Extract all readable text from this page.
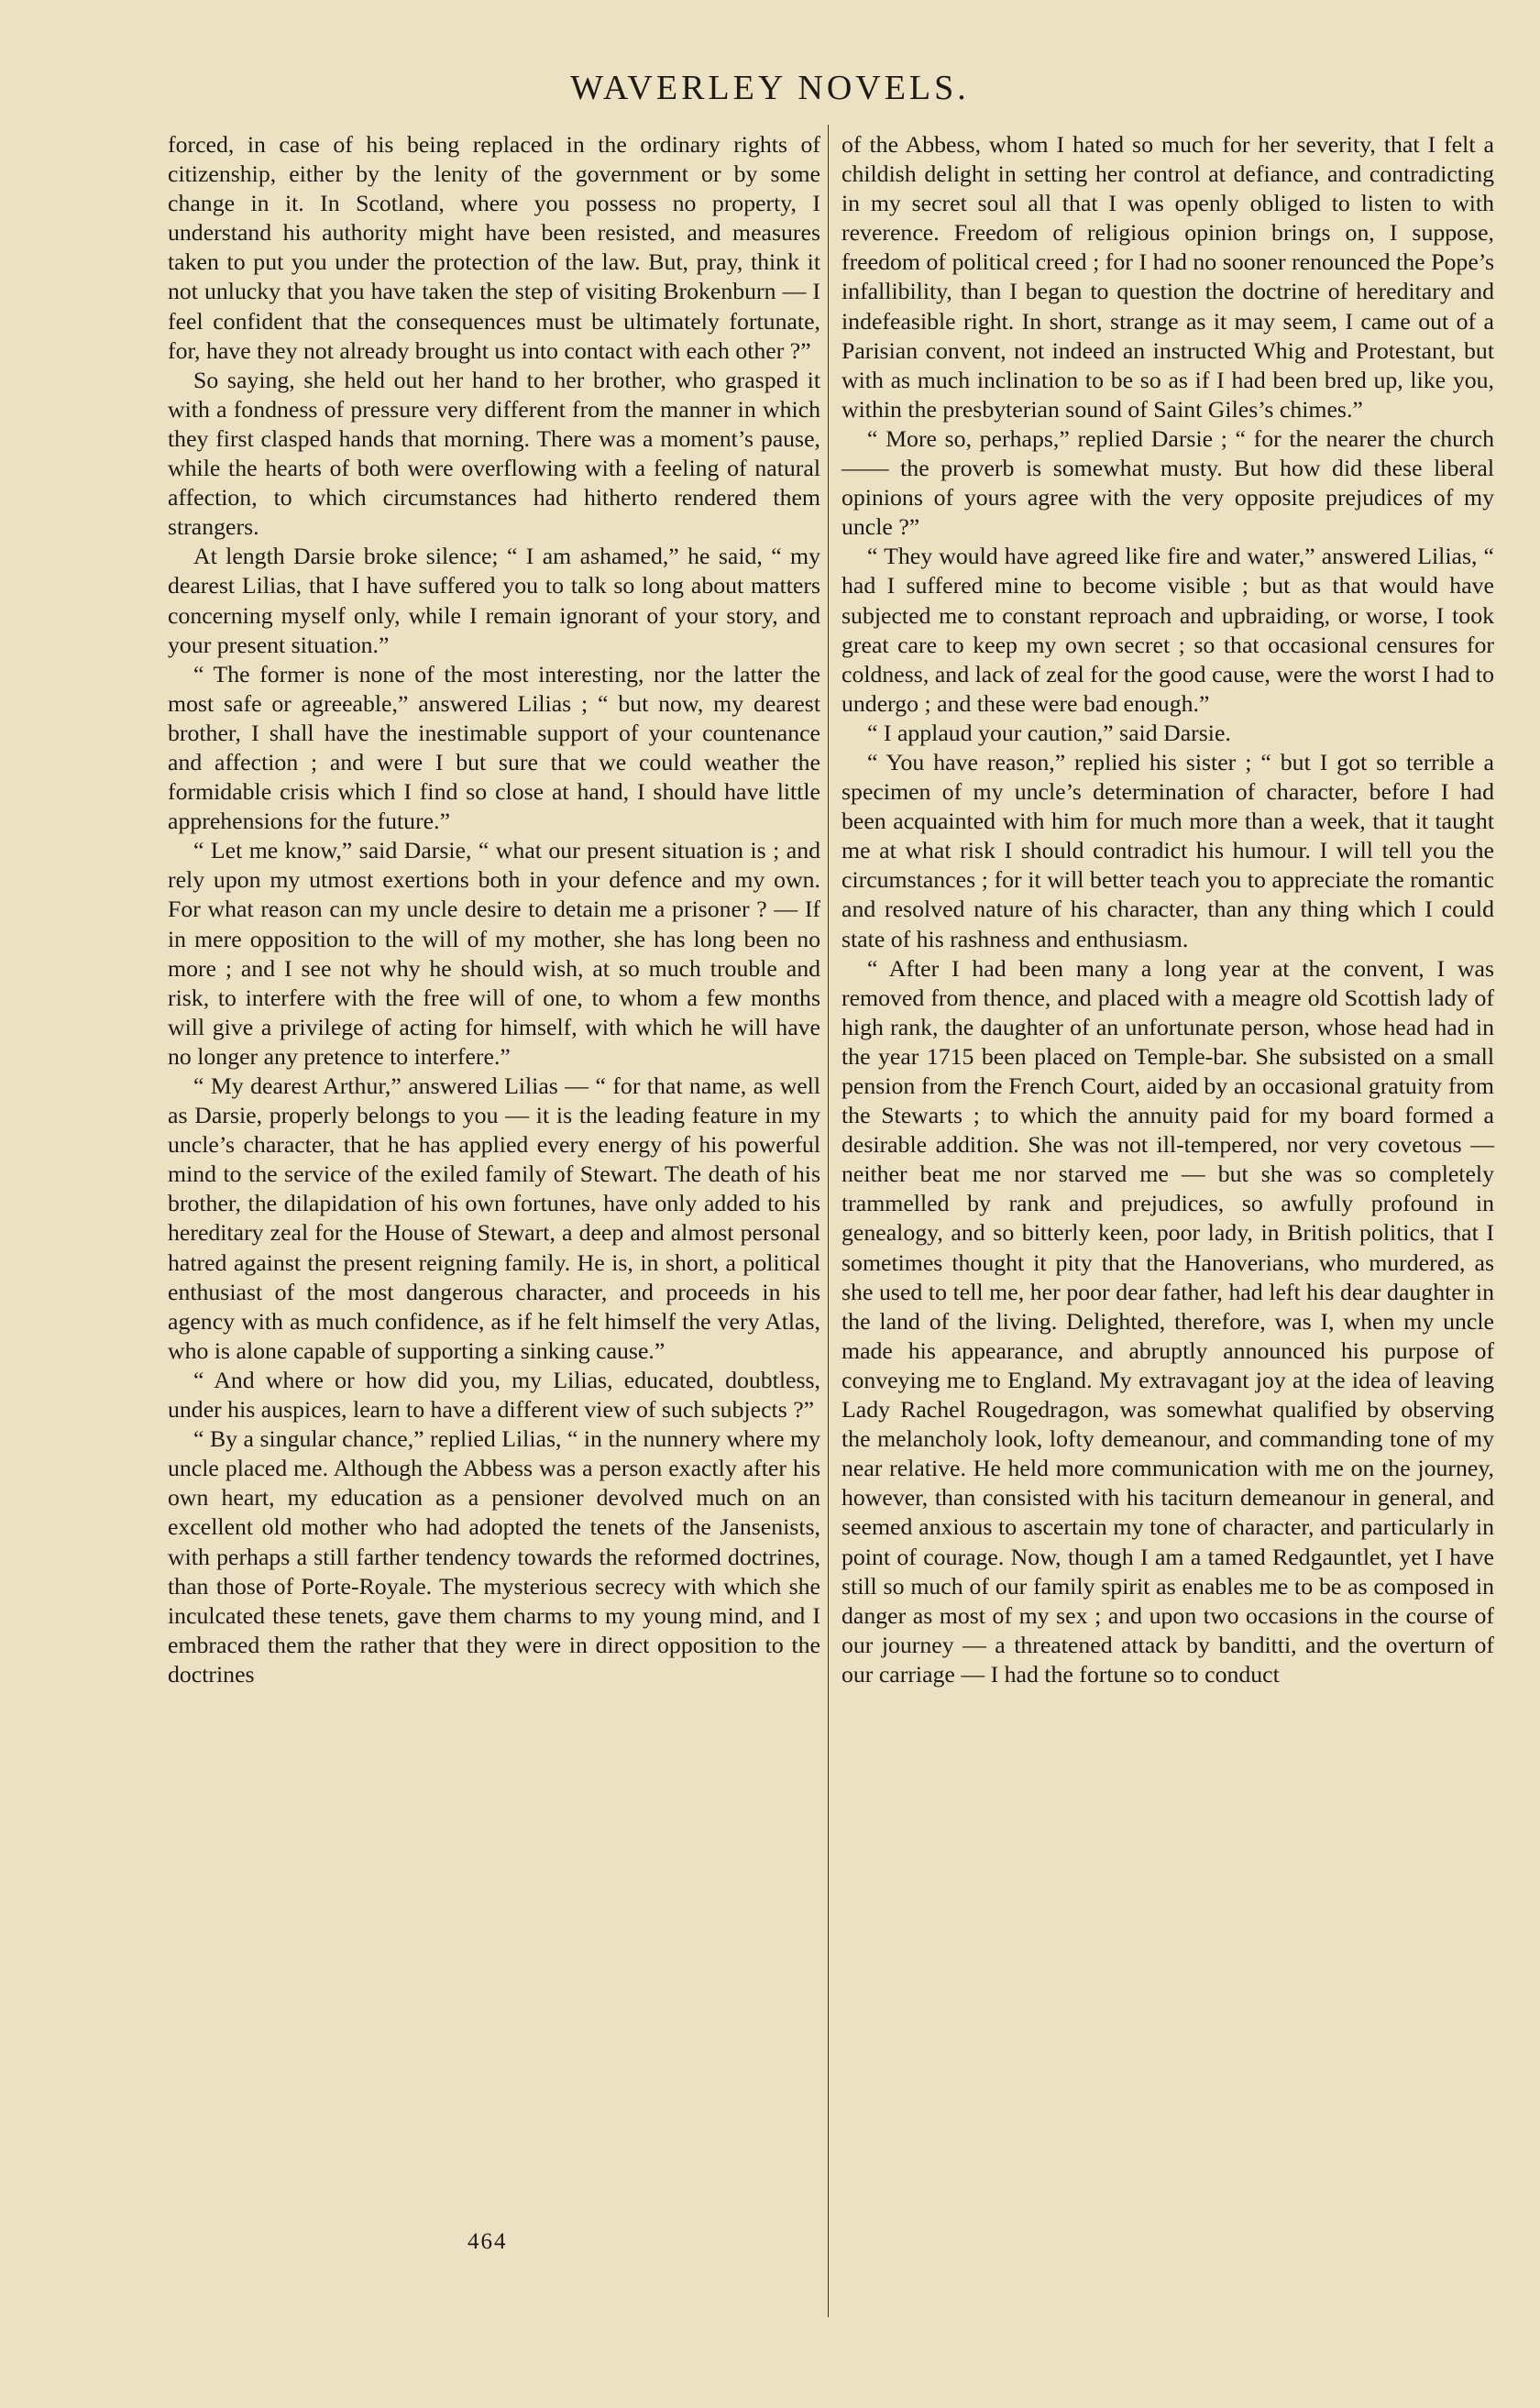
WAVERLEY NOVELS.

forced, in case of his being replaced in the ordinary rights of citizenship, either by the lenity of the government or by some change in it. In Scotland, where you possess no property, I understand his authority might have been resisted, and measures taken to put you under the protection of the law. But, pray, think it not unlucky that you have taken the step of visiting Brokenburn — I feel confident that the consequences must be ultimately fortunate, for, have they not already brought us into contact with each other ?”

So saying, she held out her hand to her brother, who grasped it with a fondness of pressure very different from the manner in which they first clasped hands that morning. There was a moment’s pause, while the hearts of both were overflowing with a feeling of natural affection, to which circumstances had hitherto rendered them strangers.

At length Darsie broke silence; “ I am ashamed,” he said, “ my dearest Lilias, that I have suffered you to talk so long about matters concerning myself only, while I remain ignorant of your story, and your present situation.”

“ The former is none of the most interesting, nor the latter the most safe or agreeable,” answered Lilias ; “ but now, my dearest brother, I shall have the inestimable support of your countenance and affection ; and were I but sure that we could weather the formidable crisis which I find so close at hand, I should have little apprehensions for the future.”

“ Let me know,” said Darsie, “ what our present situation is ; and rely upon my utmost exertions both in your defence and my own. For what reason can my uncle desire to detain me a prisoner ? — If in mere opposition to the will of my mother, she has long been no more ; and I see not why he should wish, at so much trouble and risk, to interfere with the free will of one, to whom a few months will give a privilege of acting for himself, with which he will have no longer any pretence to interfere.”

“ My dearest Arthur,” answered Lilias — “ for that name, as well as Darsie, properly belongs to you — it is the leading feature in my uncle’s character, that he has applied every energy of his powerful mind to the service of the exiled family of Stewart. The death of his brother, the dilapidation of his own fortunes, have only added to his hereditary zeal for the House of Stewart, a deep and almost personal hatred against the present reigning family. He is, in short, a political enthusiast of the most dangerous character, and proceeds in his agency with as much confidence, as if he felt himself the very Atlas, who is alone capable of supporting a sinking cause.”

“ And where or how did you, my Lilias, educated, doubtless, under his auspices, learn to have a different view of such subjects ?”

“ By a singular chance,” replied Lilias, “ in the nunnery where my uncle placed me. Although the Abbess was a person exactly after his own heart, my education as a pensioner devolved much on an excellent old mother who had adopted the tenets of the Jansenists, with perhaps a still farther tendency towards the reformed doctrines, than those of Porte-Royale. The mysterious secrecy with which she inculcated these tenets, gave them charms to my young mind, and I embraced them the rather that they were in direct opposition to the doctrines

of the Abbess, whom I hated so much for her severity, that I felt a childish delight in setting her control at defiance, and contradicting in my secret soul all that I was openly obliged to listen to with reverence. Freedom of religious opinion brings on, I suppose, freedom of political creed ; for I had no sooner renounced the Pope’s infallibility, than I began to question the doctrine of hereditary and indefeasible right. In short, strange as it may seem, I came out of a Parisian convent, not indeed an instructed Whig and Protestant, but with as much inclination to be so as if I had been bred up, like you, within the presbyterian sound of Saint Giles’s chimes.”

“ More so, perhaps,” replied Darsie ; “ for the nearer the church —— the proverb is somewhat musty. But how did these liberal opinions of yours agree with the very opposite prejudices of my uncle ?”

“ They would have agreed like fire and water,” answered Lilias, “ had I suffered mine to become visible ; but as that would have subjected me to constant reproach and upbraiding, or worse, I took great care to keep my own secret ; so that occasional censures for coldness, and lack of zeal for the good cause, were the worst I had to undergo ; and these were bad enough.”

“ I applaud your caution,” said Darsie.

“ You have reason,” replied his sister ; “ but I got so terrible a specimen of my uncle’s determination of character, before I had been acquainted with him for much more than a week, that it taught me at what risk I should contradict his humour. I will tell you the circumstances ; for it will better teach you to appreciate the romantic and resolved nature of his character, than any thing which I could state of his rashness and enthusiasm.

“ After I had been many a long year at the convent, I was removed from thence, and placed with a meagre old Scottish lady of high rank, the daughter of an unfortunate person, whose head had in the year 1715 been placed on Temple-bar. She subsisted on a small pension from the French Court, aided by an occasional gratuity from the Stewarts ; to which the annuity paid for my board formed a desirable addition. She was not ill-tempered, nor very covetous — neither beat me nor starved me — but she was so completely trammelled by rank and prejudices, so awfully profound in genealogy, and so bitterly keen, poor lady, in British politics, that I sometimes thought it pity that the Hanoverians, who murdered, as she used to tell me, her poor dear father, had left his dear daughter in the land of the living. Delighted, therefore, was I, when my uncle made his appearance, and abruptly announced his purpose of conveying me to England. My extravagant joy at the idea of leaving Lady Rachel Rougedragon, was somewhat qualified by observing the melancholy look, lofty demeanour, and commanding tone of my near relative. He held more communication with me on the journey, however, than consisted with his taciturn demeanour in general, and seemed anxious to ascertain my tone of character, and particularly in point of courage. Now, though I am a tamed Redgauntlet, yet I have still so much of our family spirit as enables me to be as composed in danger as most of my sex ; and upon two occasions in the course of our journey — a threatened attack by banditti, and the overturn of our carriage — I had the fortune so to conduct

464
